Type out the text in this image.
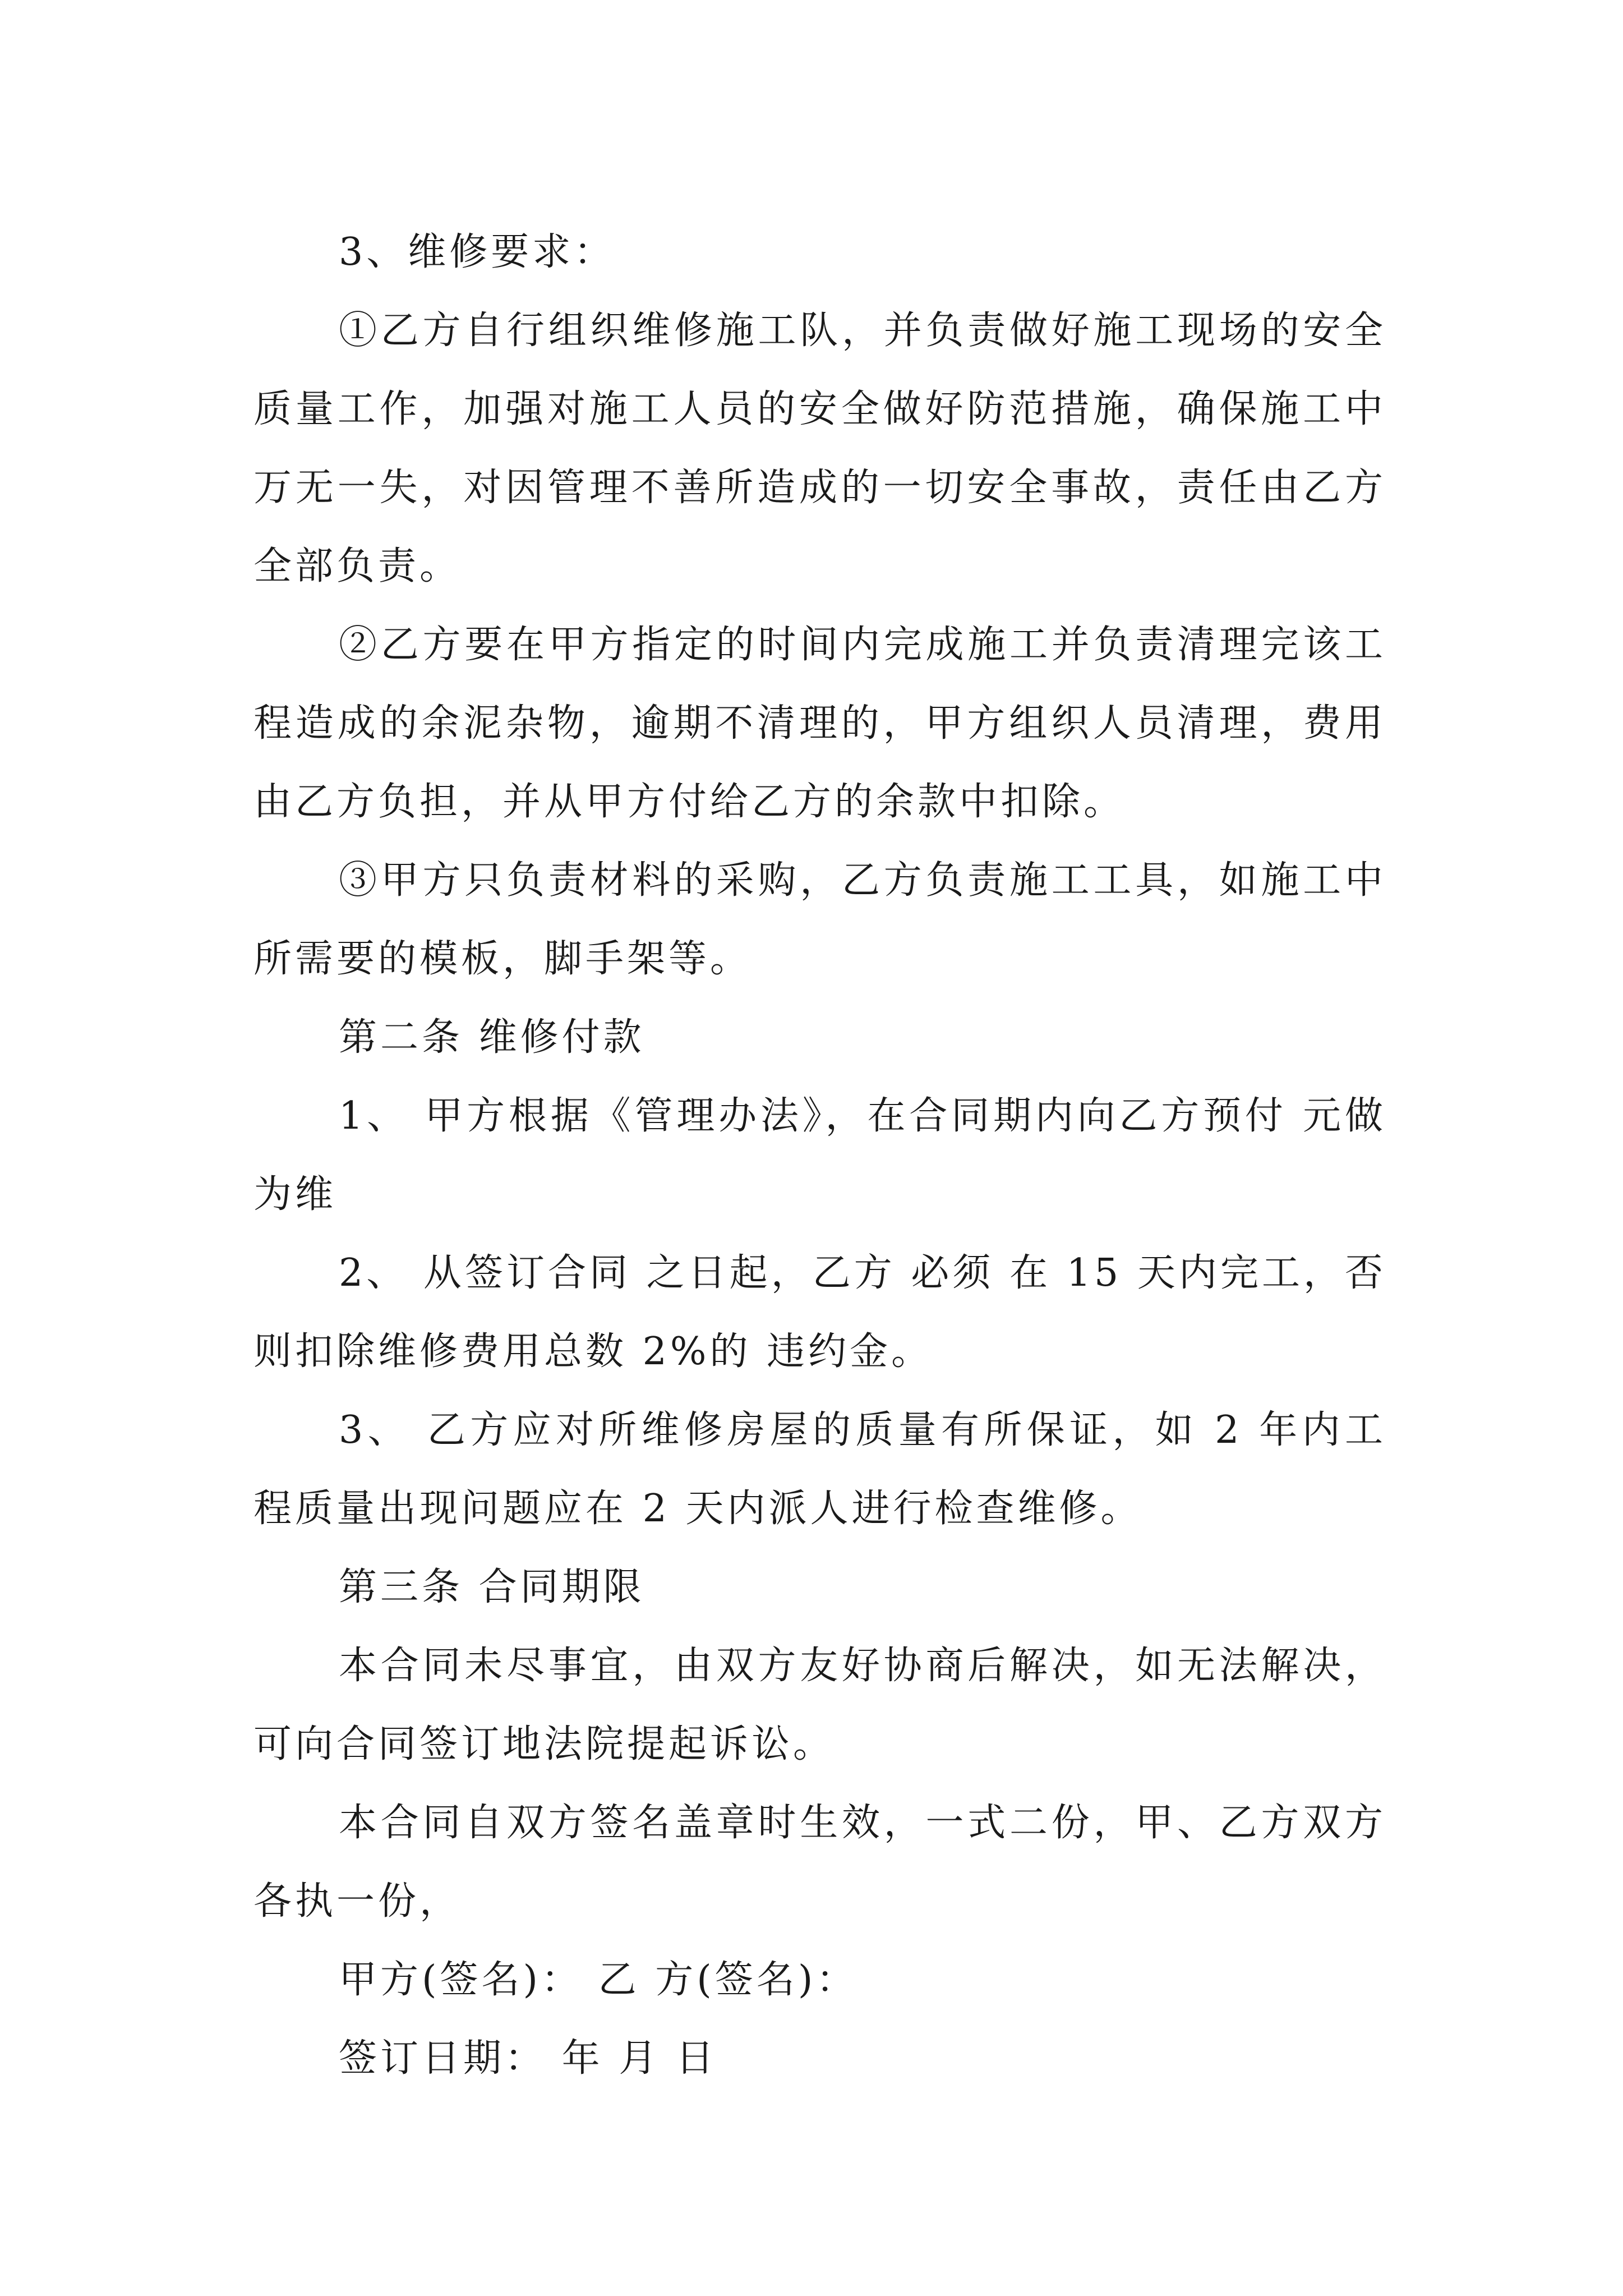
3、维修要求：

①乙方自行组织维修施工队，并负责做好施工现场的安全质量工作，加强对施工人员的安全做好防范措施，确保施工中万无一失，对因管理不善所造成的一切安全事故，责任由乙方全部负责。

②乙方要在甲方指定的时间内完成施工并负责清理完该工程造成的余泥杂物，逾期不清理的，甲方组织人员清理，费用由乙方负担，并从甲方付给乙方的余款中扣除。

③甲方只负责材料的采购，乙方负责施工工具，如施工中所需要的模板，脚手架等。

第二条 维修付款

1、 甲方根据《管理办法》，在合同期内向乙方预付 元做为维

2、 从签订合同 之日起，乙方 必须 在 15 天内完工，否则扣除维修费用总数 2%的 违约金。

3、 乙方应对所维修房屋的质量有所保证，如 2 年内工程质量出现问题应在 2 天内派人进行检查维修。

第三条 合同期限

本合同未尽事宜，由双方友好协商后解决，如无法解决，可向合同签订地法院提起诉讼。

本合同自双方签名盖章时生效，一式二份，甲、乙方双方各执一份，

甲方(签名)： 乙 方(签名)：

签订日期： 年 月 日
